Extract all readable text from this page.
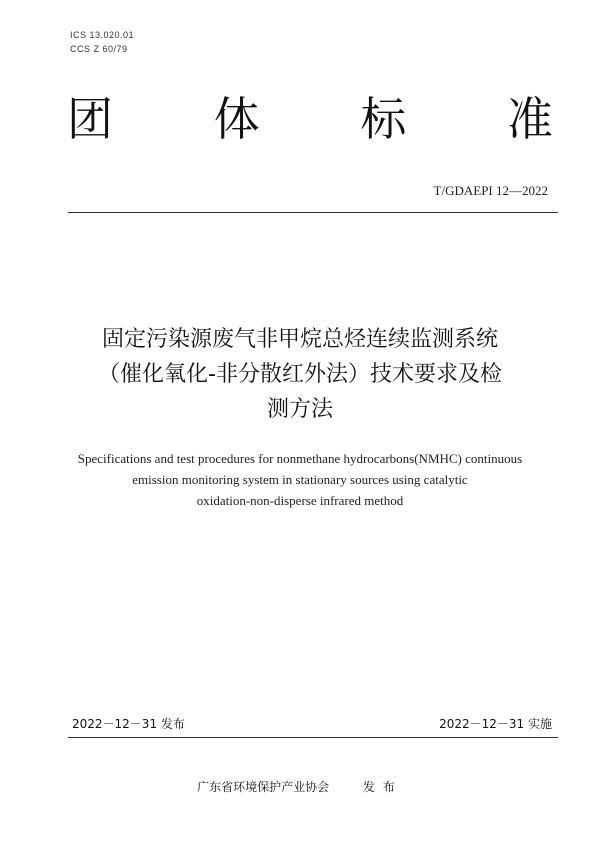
ICS 13.020.01
CCS Z 60/79
团 体 标 准
T/GDAEPI 12—2022
固定污染源废气非甲烷总烃连续监测系统
（催化氧化-非分散红外法）技术要求及检
测方法
Specifications and test procedures for nonmethane hydrocarbons(NMHC) continuous
emission monitoring system in stationary sources using catalytic
oxidation-non-disperse infrared method
2022－12－31 发布	2022－12－31 实施
广东省环境保护产业协会	发布
